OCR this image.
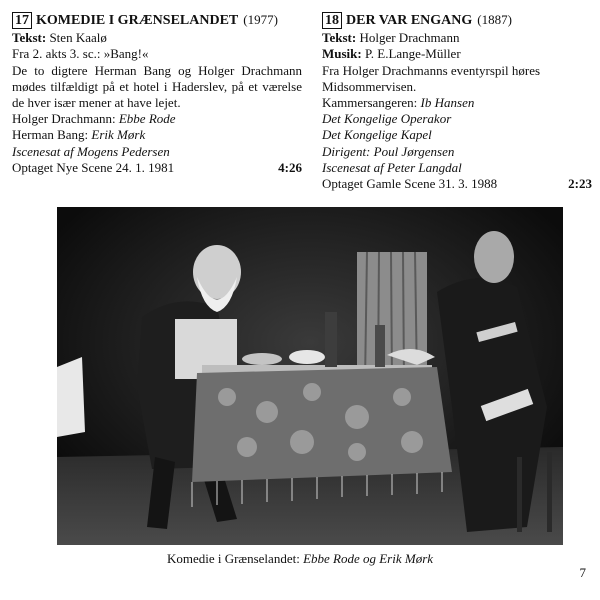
17 KOMEDIE I GRÆNSELANDET (1977)
Tekst: Sten Kaalø
Fra 2. akts 3. sc.: »Bang!«
De to digtere Herman Bang og Holger Drachmann mødes tilfældigt på et hotel i Haderslev, på et værelse de hver især mener at have lejet.
Holger Drachmann: Ebbe Rode
Herman Bang: Erik Mørk
Iscenesat af Mogens Pedersen
Optaget Nye Scene 24. 1. 1981	4:26
18 DER VAR ENGANG (1887)
Tekst: Holger Drachmann
Musik: P. E.Lange-Müller
Fra Holger Drachmanns eventyrspil høres Midsommervisen.
Kammersangeren: Ib Hansen
Det Kongelige Operakor
Det Kongelige Kapel
Dirigent: Poul Jørgensen
Iscenesat af Peter Langdal
Optaget Gamle Scene 31. 3. 1988	2:23
Komedie i Grænselandet: Ebbe Rode og Erik Mørk
7
